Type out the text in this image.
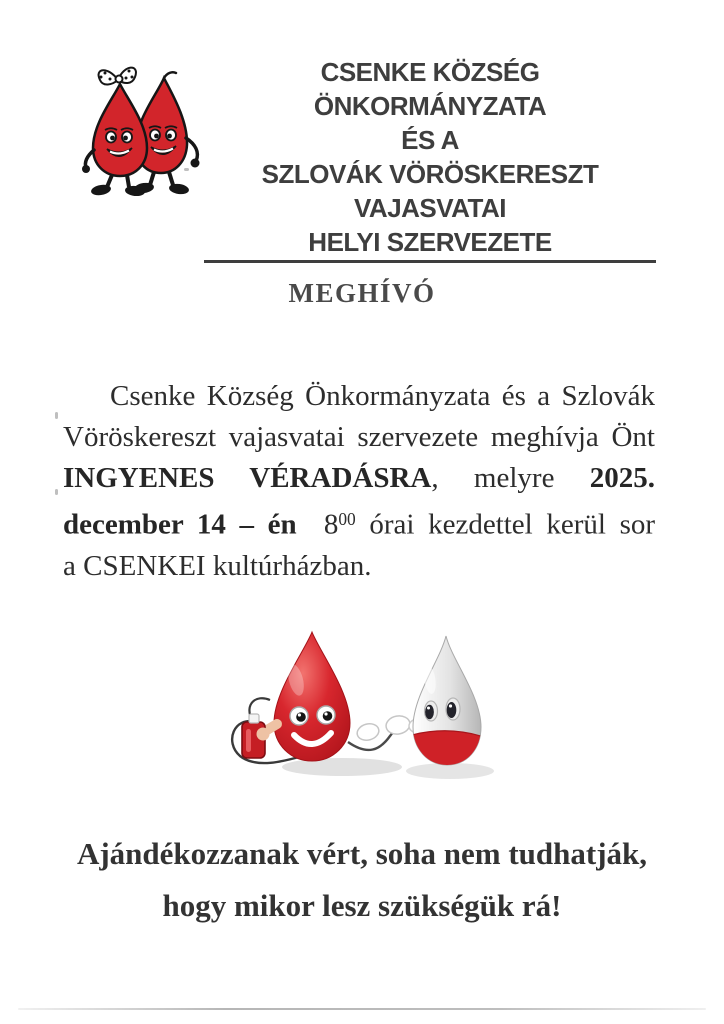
CSENKE KÖZSÉG ÖNKORMÁNYZATA
ÉS A
SZLOVÁK VÖRÖSKERESZT VAJASVATAI
HELYI SZERVEZETE
MEGHÍVÓ
Csenke Község Önkormányzata és a Szlovák
Vöröskereszt vajasvatai szervezete meghívja Önt
INGYENES VÉRADÁSRA, melyre 2025.
december 14 – én $8^{00}$ órai kezdettel kerül sor
a CSENKEI kultúrházban.
Ajándékozzanak vért, soha nem tudhatják,
hogy mikor lesz szükségük rá!
